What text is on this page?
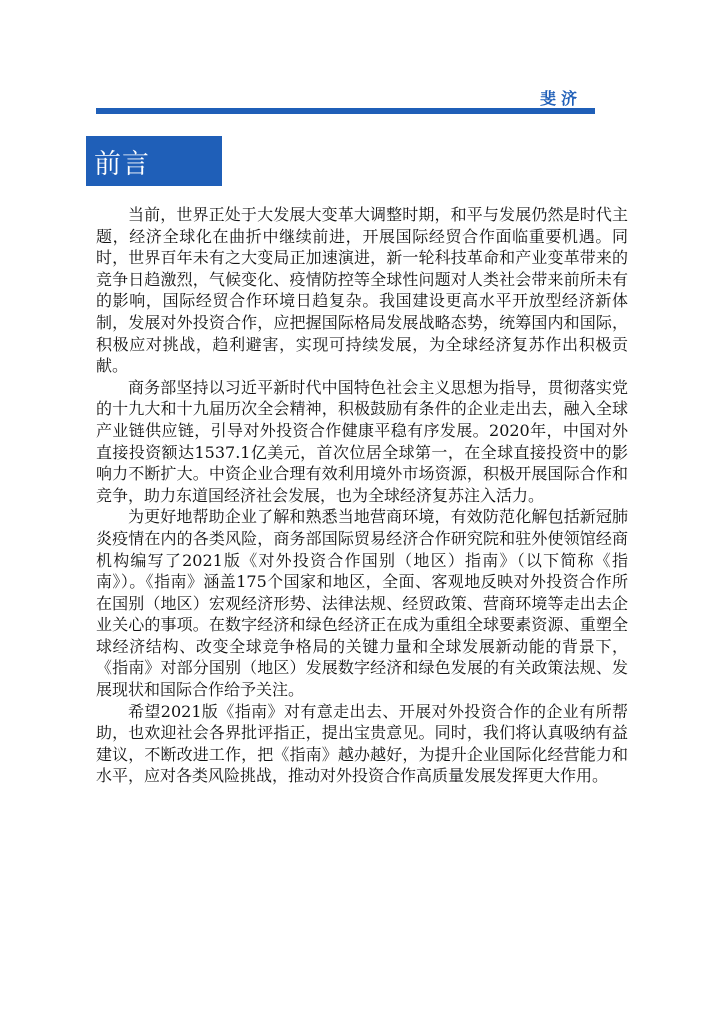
斐济
前言

当前，世界正处于大发展大变革大调整时期，和平与发展仍然是时代主题，经济全球化在曲折中继续前进，开展国际经贸合作面临重要机遇。同时，世界百年未有之大变局正加速演进，新一轮科技革命和产业变革带来的竞争日趋激烈，气候变化、疫情防控等全球性问题对人类社会带来前所未有的影响，国际经贸合作环境日趋复杂。我国建设更高水平开放型经济新体制，发展对外投资合作，应把握国际格局发展战略态势，统筹国内和国际，积极应对挑战，趋利避害，实现可持续发展，为全球经济复苏作出积极贡献。

商务部坚持以习近平新时代中国特色社会主义思想为指导，贯彻落实党的十九大和十九届历次全会精神，积极鼓励有条件的企业走出去，融入全球产业链供应链，引导对外投资合作健康平稳有序发展。2020年，中国对外直接投资额达1537.1亿美元，首次位居全球第一，在全球直接投资中的影响力不断扩大。中资企业合理有效利用境外市场资源，积极开展国际合作和竞争，助力东道国经济社会发展，也为全球经济复苏注入活力。

为更好地帮助企业了解和熟悉当地营商环境，有效防范化解包括新冠肺炎疫情在内的各类风险，商务部国际贸易经济合作研究院和驻外使领馆经商机构编写了2021版《对外投资合作国别（地区）指南》（以下简称《指南》）。《指南》涵盖175个国家和地区，全面、客观地反映对外投资合作所在国别（地区）宏观经济形势、法律法规、经贸政策、营商环境等走出去企业关心的事项。在数字经济和绿色经济正在成为重组全球要素资源、重塑全球经济结构、改变全球竞争格局的关键力量和全球发展新动能的背景下，《指南》对部分国别（地区）发展数字经济和绿色发展的有关政策法规、发展现状和国际合作给予关注。

希望2021版《指南》对有意走出去、开展对外投资合作的企业有所帮助，也欢迎社会各界批评指正，提出宝贵意见。同时，我们将认真吸纳有益建议，不断改进工作，把《指南》越办越好，为提升企业国际化经营能力和水平，应对各类风险挑战，推动对外投资合作高质量发展发挥更大作用。
